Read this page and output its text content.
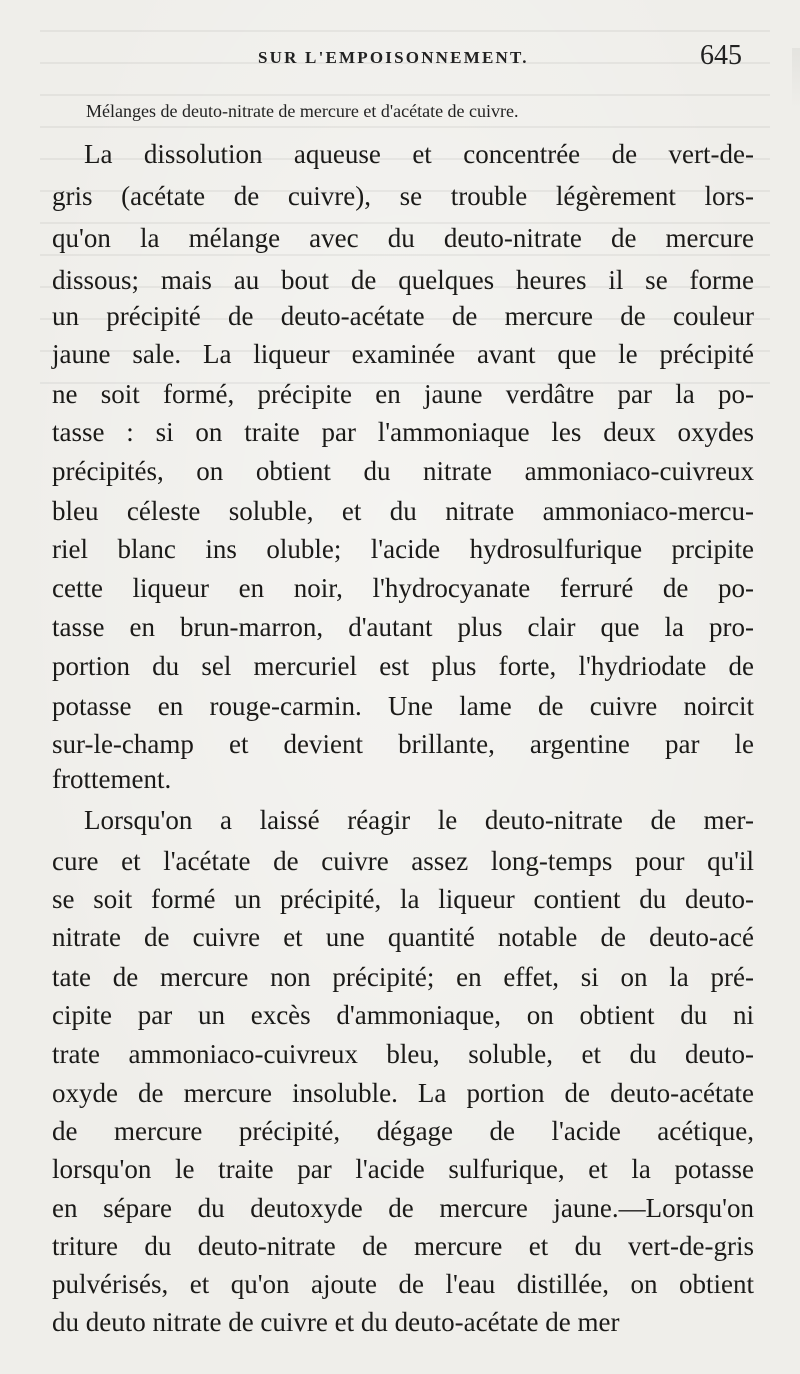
SUR L'EMPOISONNEMENT.	645
Mélanges de deuto-nitrate de mercure et d'acétate de cuivre.
La dissolution aqueuse et concentrée de vert-de-
gris (acétate de cuivre), se trouble légèrement lors-
qu'on la mélange avec du deuto-nitrate de mercure
dissous; mais au bout de quelques heures il se forme
un précipité de deuto-acétate de mercure de couleur
jaune sale. La liqueur examinée avant que le précipité
ne soit formé, précipite en jaune verdâtre par la po-
tasse : si on traite par l'ammoniaque les deux oxydes
précipités, on obtient du nitrate ammoniaco-cuivreux
bleu céleste soluble, et du nitrate ammoniaco-mercu-
riel blanc ins oluble; l'acide hydrosulfurique prcipite
cette liqueur en noir, l'hydrocyanate ferruré de po-
tasse en brun-marron, d'autant plus clair que la pro-
portion du sel mercuriel est plus forte, l'hydriodate de
potasse en rouge-carmin. Une lame de cuivre noircit
sur-le-champ et devient brillante, argentine par le
frottement.
Lorsqu'on a laissé réagir le deuto-nitrate de mer-
cure et l'acétate de cuivre assez long-temps pour qu'il
se soit formé un précipité, la liqueur contient du deuto-
nitrate de cuivre et une quantité notable de deuto-acé
tate de mercure non précipité; en effet, si on la pré-
cipite par un excès d'ammoniaque, on obtient du ni
trate ammoniaco-cuivreux bleu, soluble, et du deuto-
oxyde de mercure insoluble. La portion de deuto-acétate
de mercure précipité, dégage de l'acide acétique,
lorsqu'on le traite par l'acide sulfurique, et la potasse
en sépare du deutoxyde de mercure jaune.—Lorsqu'on
triture du deuto-nitrate de mercure et du vert-de-gris
pulvérisés, et qu'on ajoute de l'eau distillée, on obtient
du deuto nitrate de cuivre et du deuto-acétate de mer
